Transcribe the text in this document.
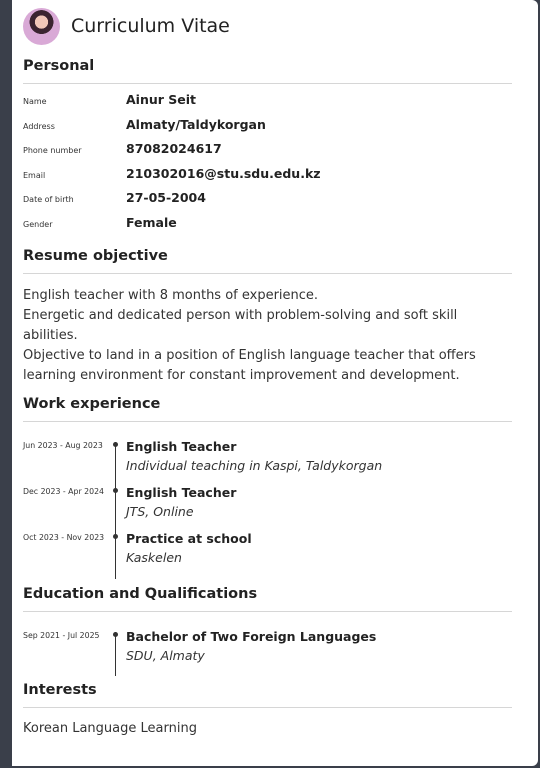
Curriculum Vitae
Personal
Name	Ainur Seit
Address	Almaty/Taldykorgan
Phone number	87082024617
Email	210302016@stu.sdu.edu.kz
Date of birth	27-05-2004
Gender	Female
Resume objective
English teacher with 8 months of experience.
Energetic and dedicated person with problem-solving and soft skill abilities.
Objective to land in a position of English language teacher that offers learning environment for constant improvement and development.
Work experience
Jun 2023 - Aug 2023	English Teacher
Individual teaching in Kaspi, Taldykorgan
Dec 2023 - Apr 2024	English Teacher
JTS, Online
Oct 2023 - Nov 2023	Practice at school
Kaskelen
Education and Qualifications
Sep 2021 - Jul 2025	Bachelor of Two Foreign Languages
SDU, Almaty
Interests
Korean Language Learning
